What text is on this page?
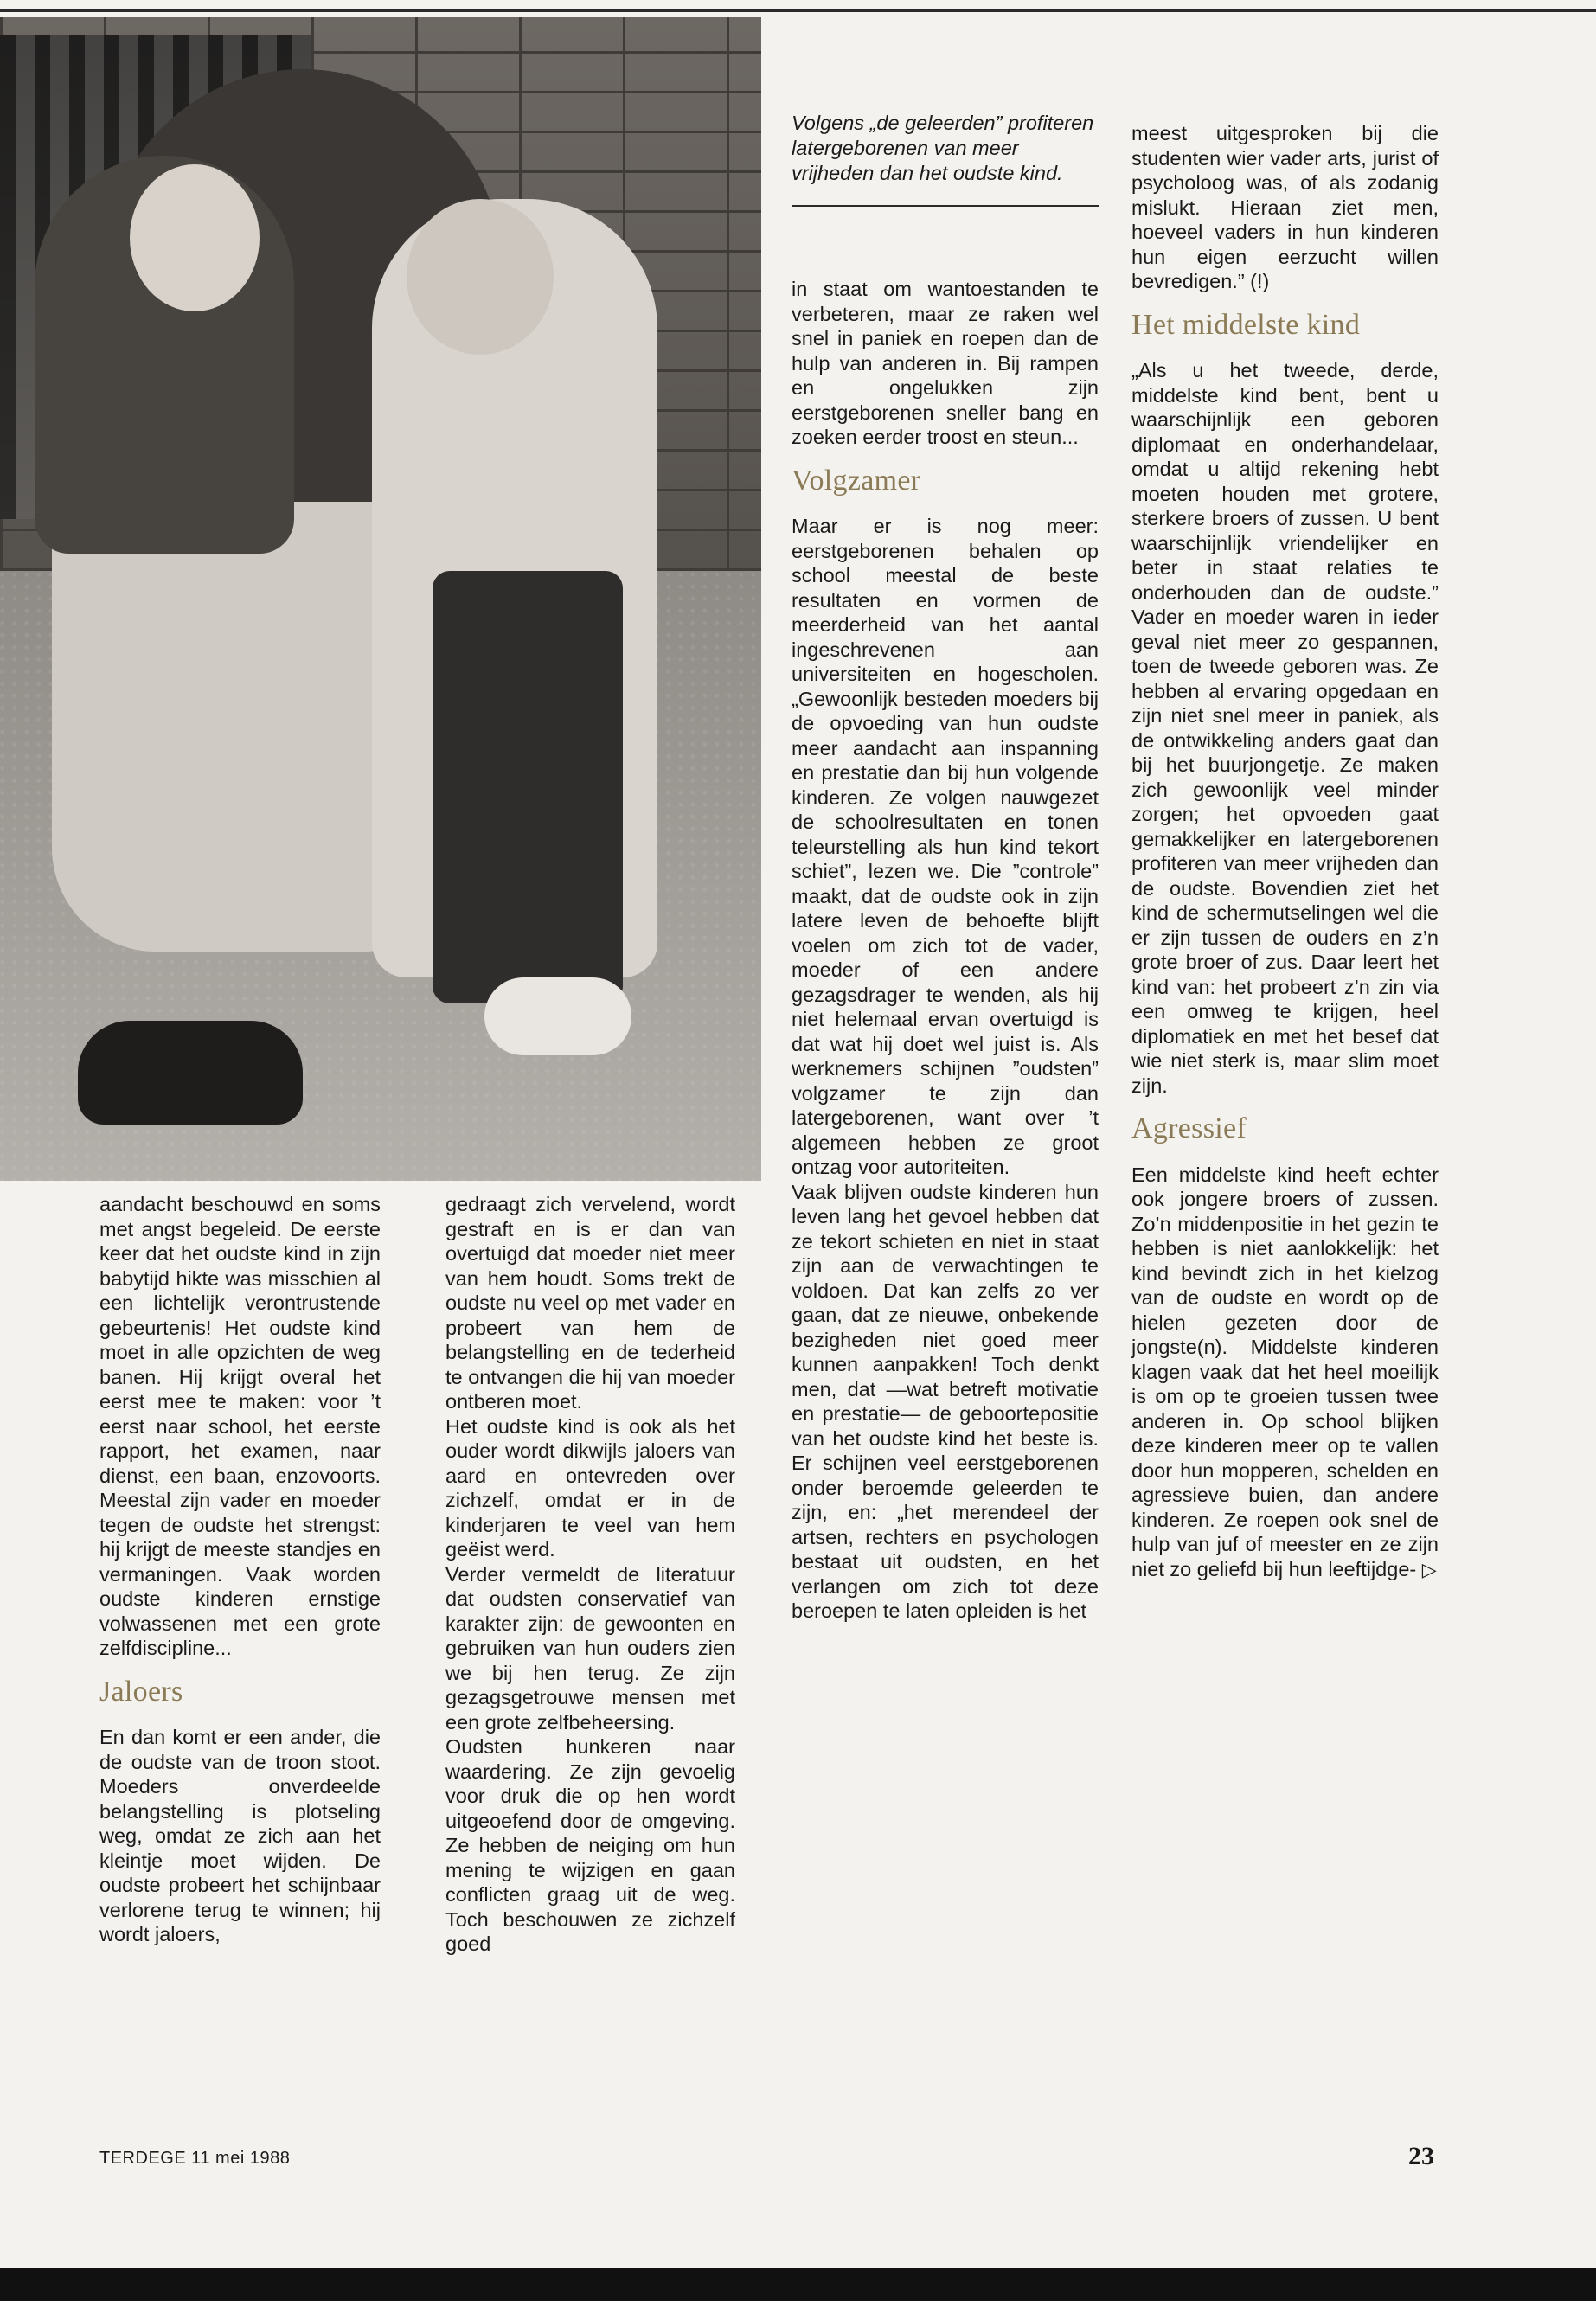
Volgens „de geleerden” profiteren latergeborenen van meer vrijheden dan het oudste kind.

aandacht beschouwd en soms met angst begeleid. De eerste keer dat het oudste kind in zijn babytijd hikte was misschien al een lichtelijk verontrustende gebeurtenis! Het oudste kind moet in alle opzichten de weg banen. Hij krijgt overal het eerst mee te maken: voor ’t eerst naar school, het eerste rapport, het examen, naar dienst, een baan, enzovoorts. Meestal zijn vader en moeder tegen de oudste het strengst: hij krijgt de meeste standjes en vermaningen. Vaak worden oudste kinderen ernstige volwassenen met een grote zelfdiscipline...

Jaloers

En dan komt er een ander, die de oudste van de troon stoot. Moeders onverdeelde belangstelling is plotseling weg, omdat ze zich aan het kleintje moet wijden. De oudste probeert het schijnbaar verlorene terug te winnen; hij wordt jaloers,

gedraagt zich vervelend, wordt gestraft en is er dan van overtuigd dat moeder niet meer van hem houdt. Soms trekt de oudste nu veel op met vader en probeert van hem de belangstelling en de tederheid te ontvangen die hij van moeder ontberen moet.

Het oudste kind is ook als het ouder wordt dikwijls jaloers van aard en ontevreden over zichzelf, omdat er in de kinderjaren te veel van hem geëist werd.

Verder vermeldt de literatuur dat oudsten conservatief van karakter zijn: de gewoonten en gebruiken van hun ouders zien we bij hen terug. Ze zijn gezagsgetrouwe mensen met een grote zelfbeheersing.

Oudsten hunkeren naar waardering. Ze zijn gevoelig voor druk die op hen wordt uitgeoefend door de omgeving. Ze hebben de neiging om hun mening te wijzigen en gaan conflicten graag uit de weg. Toch beschouwen ze zichzelf goed

in staat om wantoestanden te verbeteren, maar ze raken wel snel in paniek en roepen dan de hulp van anderen in. Bij rampen en ongelukken zijn eerstgeborenen sneller bang en zoeken eerder troost en steun...

Volgzamer

Maar er is nog meer: eerstgeborenen behalen op school meestal de beste resultaten en vormen de meerderheid van het aantal ingeschrevenen aan universiteiten en hogescholen. „Gewoonlijk besteden moeders bij de opvoeding van hun oudste meer aandacht aan inspanning en prestatie dan bij hun volgende kinderen. Ze volgen nauwgezet de schoolresultaten en tonen teleurstelling als hun kind tekort schiet”, lezen we. Die ”controle” maakt, dat de oudste ook in zijn latere leven de behoefte blijft voelen om zich tot de vader, moeder of een andere gezagsdrager te wenden, als hij niet helemaal ervan overtuigd is dat wat hij doet wel juist is. Als werknemers schijnen ”oudsten” volgzamer te zijn dan latergeborenen, want over ’t algemeen hebben ze groot ontzag voor autoriteiten.

Vaak blijven oudste kinderen hun leven lang het gevoel hebben dat ze tekort schieten en niet in staat zijn aan de verwachtingen te voldoen. Dat kan zelfs zo ver gaan, dat ze nieuwe, onbekende bezigheden niet goed meer kunnen aanpakken! Toch denkt men, dat —wat betreft motivatie en prestatie— de geboortepositie van het oudste kind het beste is. Er schijnen veel eerstgeborenen onder beroemde geleerden te zijn, en: „het merendeel der artsen, rechters en psychologen bestaat uit oudsten, en het verlangen om zich tot deze beroepen te laten opleiden is het

meest uitgesproken bij die studenten wier vader arts, jurist of psycholoog was, of als zodanig mislukt. Hieraan ziet men, hoeveel vaders in hun kinderen hun eigen eerzucht willen bevredigen.” (!)

Het middelste kind

„Als u het tweede, derde, middelste kind bent, bent u waarschijnlijk een geboren diplomaat en onderhandelaar, omdat u altijd rekening hebt moeten houden met grotere, sterkere broers of zussen. U bent waarschijnlijk vriendelijker en beter in staat relaties te onderhouden dan de oudste.” Vader en moeder waren in ieder geval niet meer zo gespannen, toen de tweede geboren was. Ze hebben al ervaring opgedaan en zijn niet snel meer in paniek, als de ontwikkeling anders gaat dan bij het buurjongetje. Ze maken zich gewoonlijk veel minder zorgen; het opvoeden gaat gemakkelijker en latergeborenen profiteren van meer vrijheden dan de oudste. Bovendien ziet het kind de schermutselingen wel die er zijn tussen de ouders en z’n grote broer of zus. Daar leert het kind van: het probeert z’n zin via een omweg te krijgen, heel diplomatiek en met het besef dat wie niet sterk is, maar slim moet zijn.

Agressief

Een middelste kind heeft echter ook jongere broers of zussen. Zo’n middenpositie in het gezin te hebben is niet aanlokkelijk: het kind bevindt zich in het kielzog van de oudste en wordt op de hielen gezeten door de jongste(n). Middelste kinderen klagen vaak dat het heel moeilijk is om op te groeien tussen twee anderen in. Op school blijken deze kinderen meer op te vallen door hun mopperen, schelden en agressieve buien, dan andere kinderen. Ze roepen ook snel de hulp van juf of meester en ze zijn niet zo geliefd bij hun leeftijdge- ▷

TERDEGE 11 mei 1988	23
